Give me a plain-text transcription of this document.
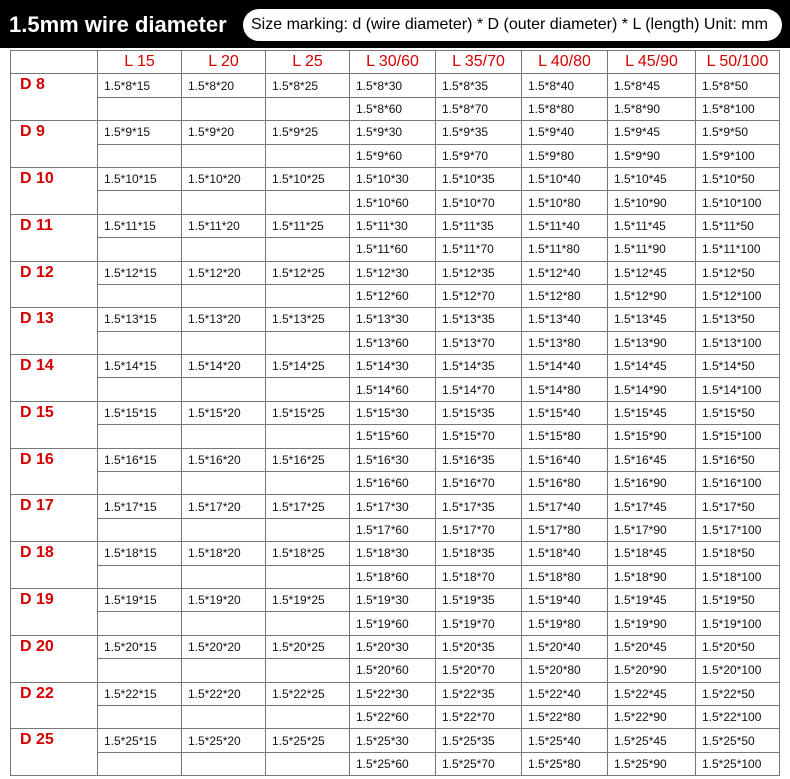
1.5mm wire diameter Size marking: d (wire diameter) * D (outer diameter) * L (length) Unit: mm
	L 15	L 20	L 25	L 30/60	L 35/70	L 40/80	L 45/90	L 50/100
D 8	1.5*8*15	1.5*8*20	1.5*8*25	1.5*8*30	1.5*8*35	1.5*8*40	1.5*8*45	1.5*8*50
				1.5*8*60	1.5*8*70	1.5*8*80	1.5*8*90	1.5*8*100
D 9	1.5*9*15	1.5*9*20	1.5*9*25	1.5*9*30	1.5*9*35	1.5*9*40	1.5*9*45	1.5*9*50
				1.5*9*60	1.5*9*70	1.5*9*80	1.5*9*90	1.5*9*100
D 10	1.5*10*15	1.5*10*20	1.5*10*25	1.5*10*30	1.5*10*35	1.5*10*40	1.5*10*45	1.5*10*50
				1.5*10*60	1.5*10*70	1.5*10*80	1.5*10*90	1.5*10*100
D 11	1.5*11*15	1.5*11*20	1.5*11*25	1.5*11*30	1.5*11*35	1.5*11*40	1.5*11*45	1.5*11*50
				1.5*11*60	1.5*11*70	1.5*11*80	1.5*11*90	1.5*11*100
D 12	1.5*12*15	1.5*12*20	1.5*12*25	1.5*12*30	1.5*12*35	1.5*12*40	1.5*12*45	1.5*12*50
				1.5*12*60	1.5*12*70	1.5*12*80	1.5*12*90	1.5*12*100
D 13	1.5*13*15	1.5*13*20	1.5*13*25	1.5*13*30	1.5*13*35	1.5*13*40	1.5*13*45	1.5*13*50
				1.5*13*60	1.5*13*70	1.5*13*80	1.5*13*90	1.5*13*100
D 14	1.5*14*15	1.5*14*20	1.5*14*25	1.5*14*30	1.5*14*35	1.5*14*40	1.5*14*45	1.5*14*50
				1.5*14*60	1.5*14*70	1.5*14*80	1.5*14*90	1.5*14*100
D 15	1.5*15*15	1.5*15*20	1.5*15*25	1.5*15*30	1.5*15*35	1.5*15*40	1.5*15*45	1.5*15*50
				1.5*15*60	1.5*15*70	1.5*15*80	1.5*15*90	1.5*15*100
D 16	1.5*16*15	1.5*16*20	1.5*16*25	1.5*16*30	1.5*16*35	1.5*16*40	1.5*16*45	1.5*16*50
				1.5*16*60	1.5*16*70	1.5*16*80	1.5*16*90	1.5*16*100
D 17	1.5*17*15	1.5*17*20	1.5*17*25	1.5*17*30	1.5*17*35	1.5*17*40	1.5*17*45	1.5*17*50
				1.5*17*60	1.5*17*70	1.5*17*80	1.5*17*90	1.5*17*100
D 18	1.5*18*15	1.5*18*20	1.5*18*25	1.5*18*30	1.5*18*35	1.5*18*40	1.5*18*45	1.5*18*50
				1.5*18*60	1.5*18*70	1.5*18*80	1.5*18*90	1.5*18*100
D 19	1.5*19*15	1.5*19*20	1.5*19*25	1.5*19*30	1.5*19*35	1.5*19*40	1.5*19*45	1.5*19*50
				1.5*19*60	1.5*19*70	1.5*19*80	1.5*19*90	1.5*19*100
D 20	1.5*20*15	1.5*20*20	1.5*20*25	1.5*20*30	1.5*20*35	1.5*20*40	1.5*20*45	1.5*20*50
				1.5*20*60	1.5*20*70	1.5*20*80	1.5*20*90	1.5*20*100
D 22	1.5*22*15	1.5*22*20	1.5*22*25	1.5*22*30	1.5*22*35	1.5*22*40	1.5*22*45	1.5*22*50
				1.5*22*60	1.5*22*70	1.5*22*80	1.5*22*90	1.5*22*100
D 25	1.5*25*15	1.5*25*20	1.5*25*25	1.5*25*30	1.5*25*35	1.5*25*40	1.5*25*45	1.5*25*50
				1.5*25*60	1.5*25*70	1.5*25*80	1.5*25*90	1.5*25*100
